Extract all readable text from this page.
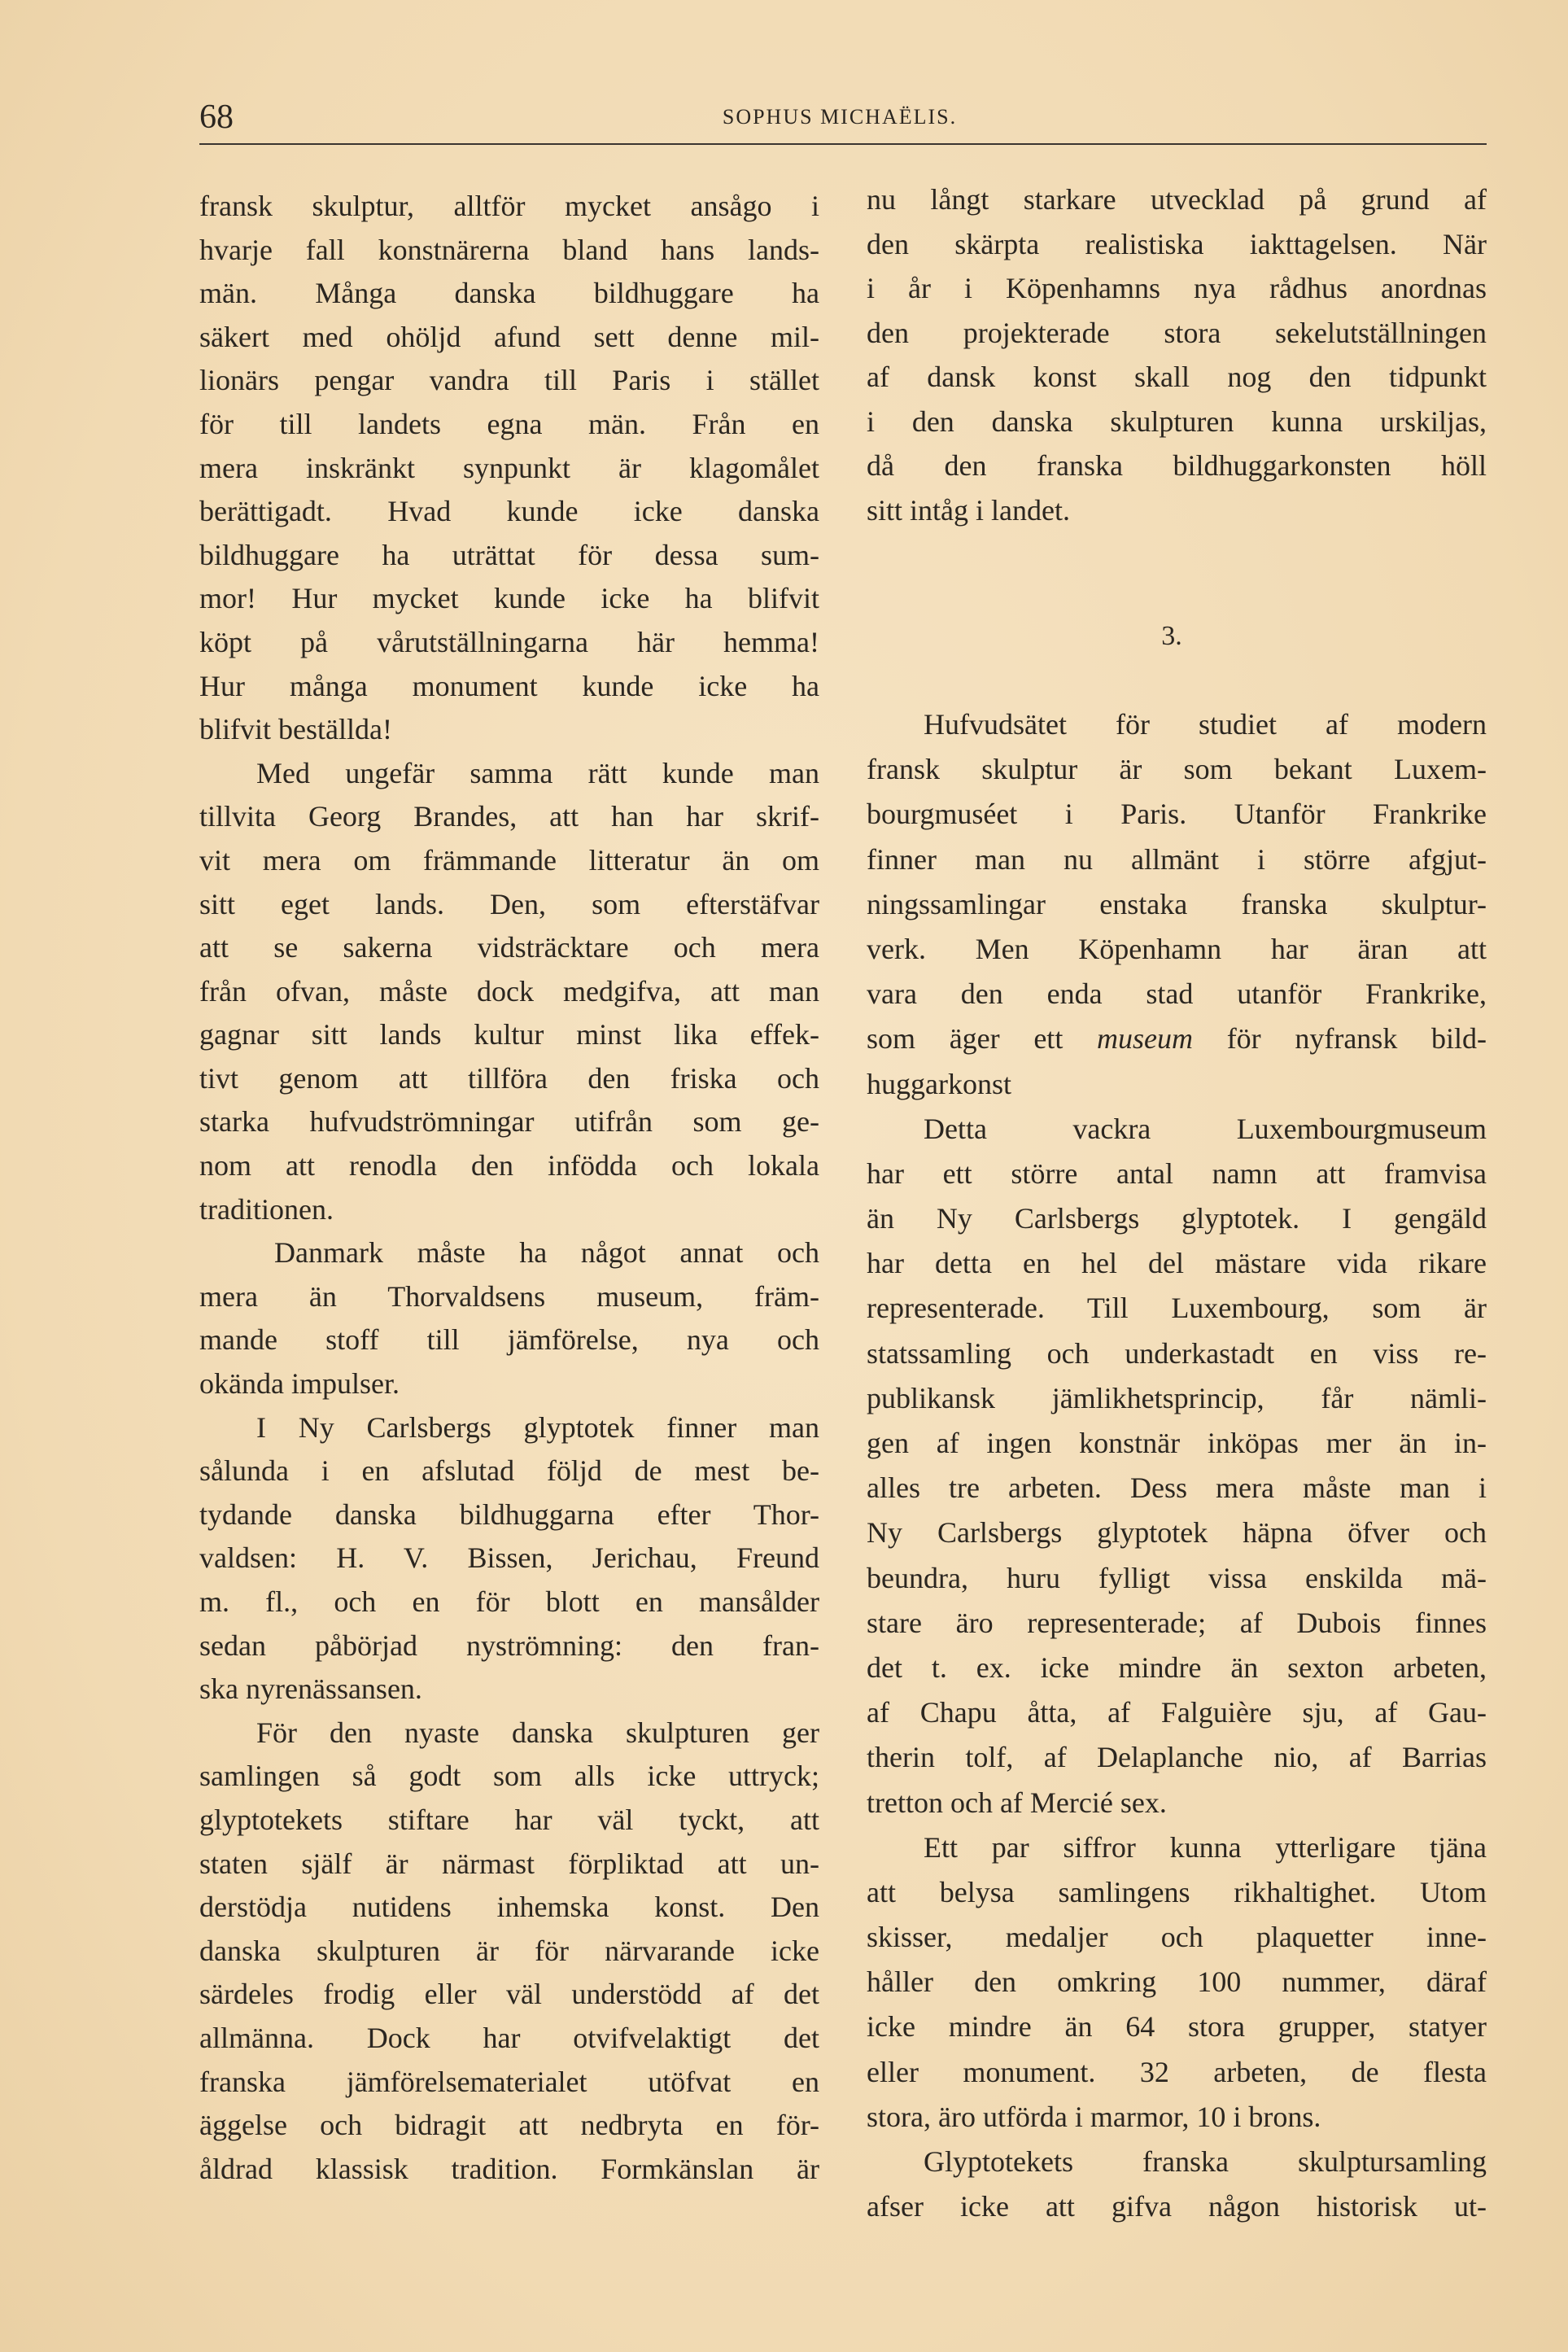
68	SOPHUS MICHAËLIS.
fransk skulptur, alltför mycket ansågo i
hvarje fall konstnärerna bland hans lands-
män. Många danska bildhuggare ha
säkert med ohöljd afund sett denne mil-
lionärs pengar vandra till Paris i stället
för till landets egna män. Från en
mera inskränkt synpunkt är klagomålet
berättigadt. Hvad kunde icke danska
bildhuggare ha uträttat för dessa sum-
mor! Hur mycket kunde icke ha blifvit
köpt på vårutställningarna här hemma!
Hur många monument kunde icke ha
blifvit beställda!
Med ungefär samma rätt kunde man
tillvita Georg Brandes, att han har skrif-
vit mera om främmande litteratur än om
sitt eget lands. Den, som efterstäfvar
att se sakerna vidsträcktare och mera
från ofvan, måste dock medgifva, att man
gagnar sitt lands kultur minst lika effek-
tivt genom att tillföra den friska och
starka hufvudströmningar utifrån som ge-
nom att renodla den infödda och lokala
traditionen.
Danmark måste ha något annat och
mera än Thorvaldsens museum, främ-
mande stoff till jämförelse, nya och
okända impulser.
I Ny Carlsbergs glyptotek finner man
sålunda i en afslutad följd de mest be-
tydande danska bildhuggarna efter Thor-
valdsen: H. V. Bissen, Jerichau, Freund
m. fl., och en för blott en mansålder
sedan påbörjad nyströmning: den fran-
ska nyrenässansen.
För den nyaste danska skulpturen ger
samlingen så godt som alls icke uttryck;
glyptotekets stiftare har väl tyckt, att
staten själf är närmast förpliktad att un-
derstödja nutidens inhemska konst. Den
danska skulpturen är för närvarande icke
särdeles frodig eller väl understödd af det
allmänna. Dock har otvifvelaktigt det
franska jämförelsematerialet utöfvat en
äggelse och bidragit att nedbryta en för-
åldrad klassisk tradition. Formkänslan är
nu långt starkare utvecklad på grund af
den skärpta realistiska iakttagelsen. När
i år i Köpenhamns nya rådhus anordnas
den projekterade stora sekelutställningen
af dansk konst skall nog den tidpunkt
i den danska skulpturen kunna urskiljas,
då den franska bildhuggarkonsten höll
sitt intåg i landet.
3.
Hufvudsätet för studiet af modern
fransk skulptur är som bekant Luxem-
bourgmuséet i Paris. Utanför Frankrike
finner man nu allmänt i större afgjut-
ningssamlingar enstaka franska skulptur-
verk. Men Köpenhamn har äran att
vara den enda stad utanför Frankrike,
som äger ett museum för nyfransk bild-
huggarkonst
Detta vackra Luxembourgmuseum
har ett större antal namn att framvisa
än Ny Carlsbergs glyptotek. I gengäld
har detta en hel del mästare vida rikare
representerade. Till Luxembourg, som är
statssamling och underkastadt en viss re-
publikansk jämlikhetsprincip, får nämli-
gen af ingen konstnär inköpas mer än in-
alles tre arbeten. Dess mera måste man i
Ny Carlsbergs glyptotek häpna öfver och
beundra, huru fylligt vissa enskilda mä-
stare äro representerade; af Dubois finnes
det t. ex. icke mindre än sexton arbeten,
af Chapu åtta, af Falguière sju, af Gau-
therin tolf, af Delaplanche nio, af Barrias
tretton och af Mercié sex.
Ett par siffror kunna ytterligare tjäna
att belysa samlingens rikhaltighet. Utom
skisser, medaljer och plaquetter inne-
håller den omkring 100 nummer, däraf
icke mindre än 64 stora grupper, statyer
eller monument. 32 arbeten, de flesta
stora, äro utförda i marmor, 10 i brons.
Glyptotekets franska skulptursamling
afser icke att gifva någon historisk ut-
